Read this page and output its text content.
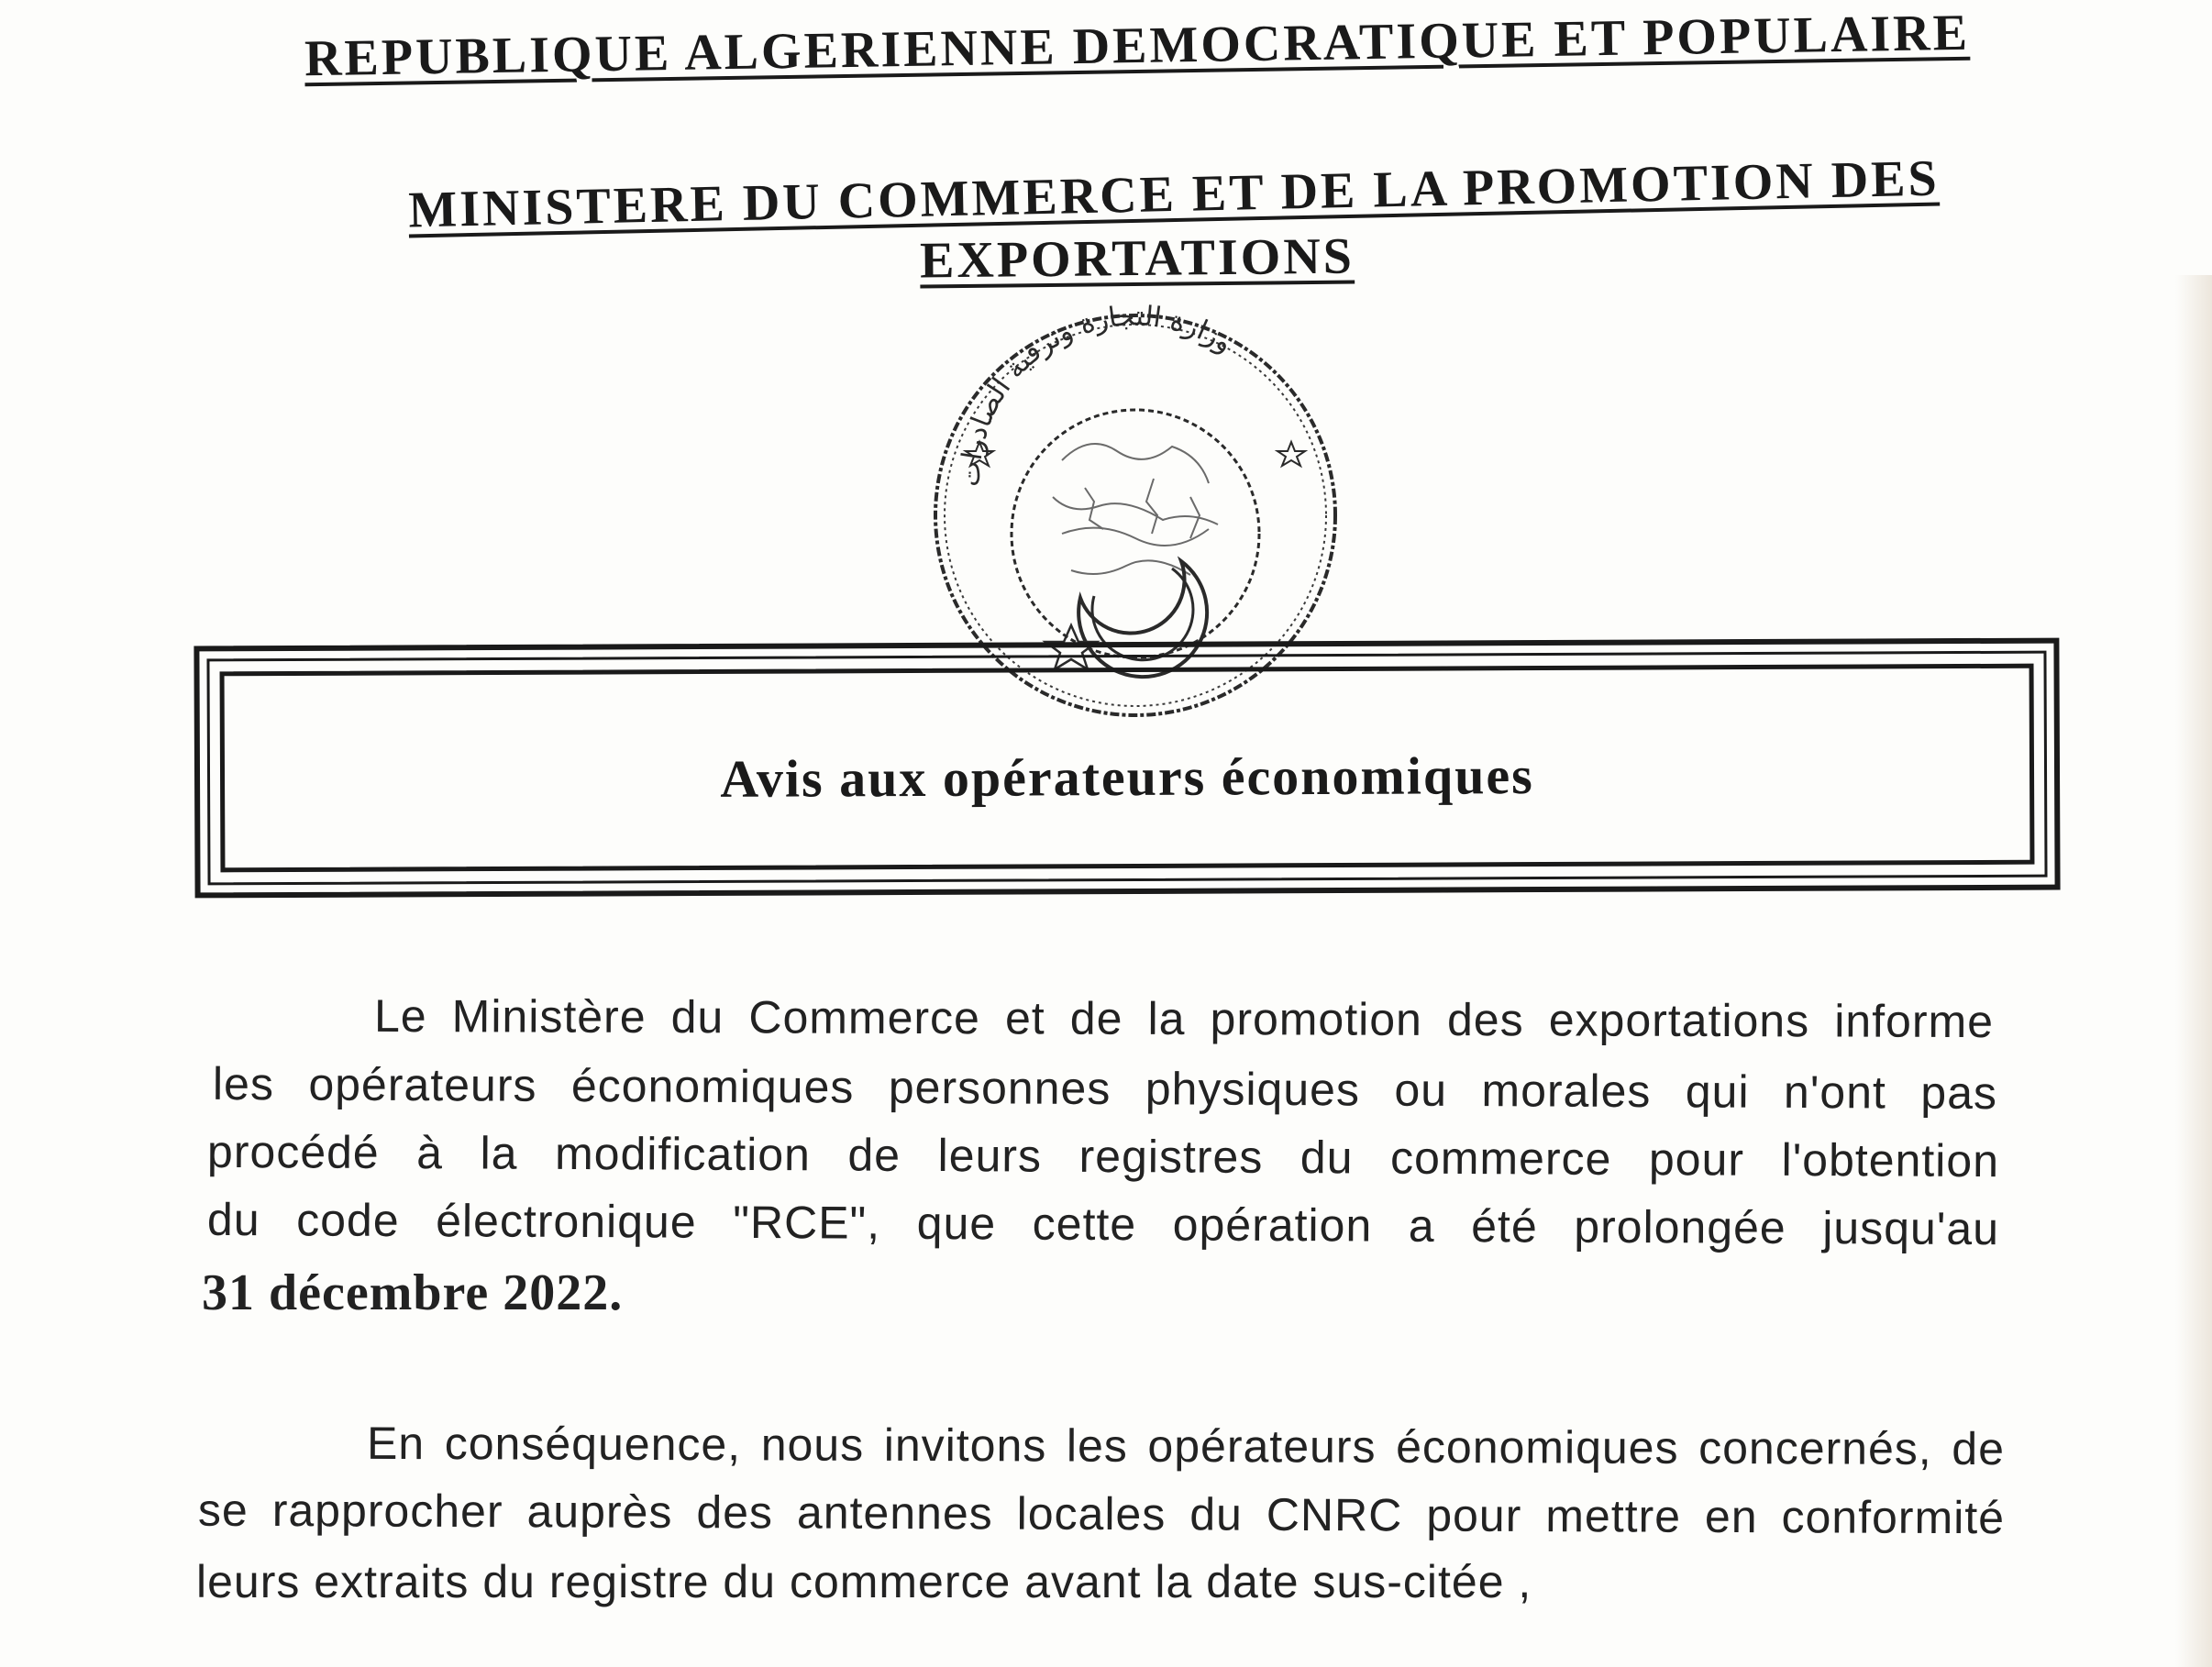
REPUBLIQUE ALGERIENNE DEMOCRATIQUE ET POPULAIRE
MINISTERE DU COMMERCE ET DE LA PROMOTION DES
EXPORTATIONS
وزارة التجارة وترقية الصادرات
Avis aux opérateurs économiques
Le Ministère du Commerce et de la promotion des exportations informe
les opérateurs économiques personnes physiques ou morales qui n'ont pas
procédé à la modification de leurs registres du commerce pour l'obtention
du code électronique "RCE", que cette opération a été prolongée jusqu'au
31 décembre 2022.
En conséquence, nous invitons les opérateurs économiques concernés, de
se rapprocher auprès des antennes locales du CNRC pour mettre en conformité
leurs extraits du registre du commerce avant la date sus-citée ,
